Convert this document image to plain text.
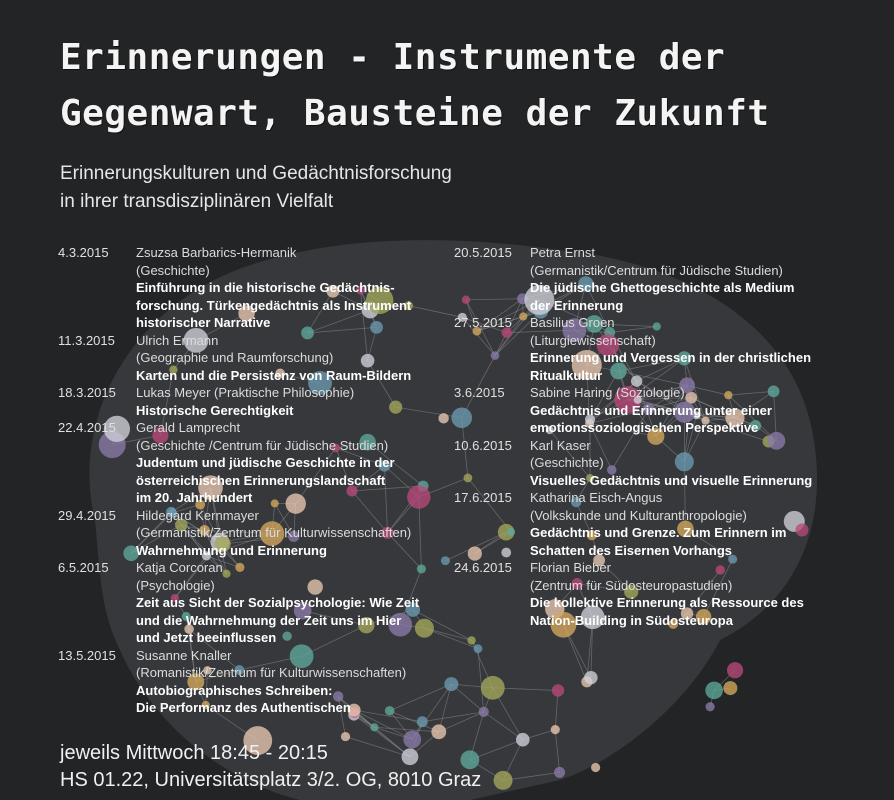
Erinnerungen - Instrumente der
Gegenwart, Bausteine der Zukunft
Erinnerungskulturen und Gedächtnisforschung
in ihrer transdisziplinären Vielfalt
4.3.2015	Zsuzsa Barbarics-Hermanik
(Geschichte)
Einführung in die historische Gedächtnis-
forschung. Türkengedächtnis als Instrument
historischer Narrative
11.3.2015	Ulrich Ermann
(Geographie und Raumforschung)
Karten und die Persistenz von Raum-Bildern
18.3.2015	Lukas Meyer (Praktische Philosophie)
Historische Gerechtigkeit
22.4.2015	Gerald Lamprecht
(Geschichte /Centrum für Jüdische Studien)
Judentum und jüdische Geschichte in der
österreichischen Erinnerungslandschaft
im 20. Jahrhundert
29.4.2015	Hildegard Kernmayer
(Germanistik/Zentrum für Kulturwissenschaften)
Wahrnehmung und Erinnerung
6.5.2015	Katja Corcoran
(Psychologie)
Zeit aus Sicht der Sozialpsychologie: Wie Zeit
und die Wahrnehmung der Zeit uns im Hier
und Jetzt beeinflussen
13.5.2015	Susanne Knaller
(Romanistik/Zentrum für Kulturwissenschaften)
Autobiographisches Schreiben:
Die Performanz des Authentischen
20.5.2015	Petra Ernst
(Germanistik/Centrum für Jüdische Studien)
Die jüdische Ghettogeschichte als Medium
der Erinnerung
27.5.2015	Basilius Groen
(Liturgiewissenschaft)
Erinnerung und Vergessen in der christlichen
Ritualkultur
3.6.2015	Sabine Haring (Soziologie)
Gedächtnis und Erinnerung unter einer
emotionssoziologischen Perspektive
10.6.2015	Karl Kaser
(Geschichte)
Visuelles Gedächtnis und visuelle Erinnerung
17.6.2015	Katharina Eisch-Angus
(Volkskunde und Kulturanthropologie)
Gedächtnis und Grenze. Zum Erinnern im
Schatten des Eisernen Vorhangs
24.6.2015	Florian Bieber
(Zentrum für Südosteuropastudien)
Die kollektive Erinnerung als Ressource des
Nation-Building in Südosteuropa
jeweils Mittwoch 18:45 - 20:15
HS 01.22, Universitätsplatz 3/2. OG, 8010 Graz
